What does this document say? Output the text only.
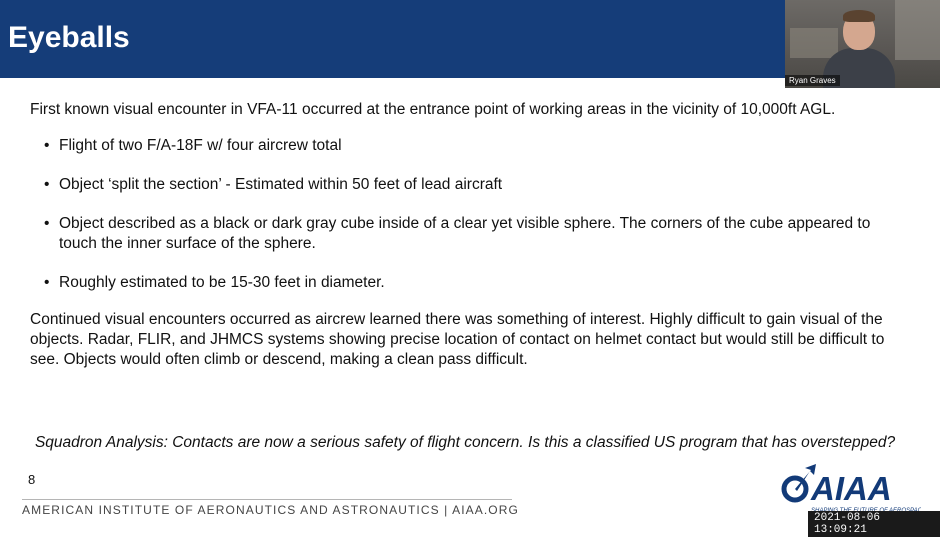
Eyeballs
Ryan Graves

First known visual encounter in VFA-11 occurred at the entrance point of working areas in the vicinity of 10,000ft AGL.

• Flight of two F/A-18F w/ four aircrew total
• Object ‘split the section’ - Estimated within 50 feet of lead aircraft
• Object described as a black or dark gray cube inside of a clear yet visible sphere. The corners of the cube appeared to touch the inner surface of the sphere.
• Roughly estimated to be 15-30 feet in diameter.

Continued visual encounters occurred as aircrew learned there was something of interest. Highly difficult to gain visual of the objects. Radar, FLIR, and JHMCS systems showing precise location of contact on helmet contact but would still be difficult to see. Objects would often climb or descend, making a clean pass difficult.

Squadron Analysis: Contacts are now a serious safety of flight concern. Is this a classified US program that has overstepped?
8
AMERICAN INSTITUTE OF AERONAUTICS AND ASTRONAUTICS | AIAA.ORG
AIAA
2021-08-06 13:09:21
